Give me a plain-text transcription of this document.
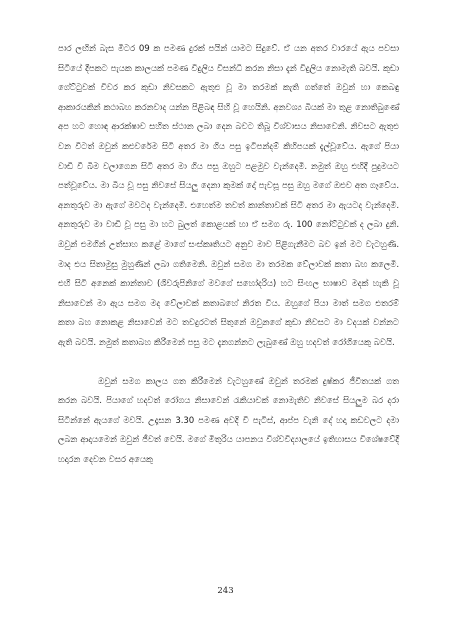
පාර ලඟින් බැස මීටර 09 ක පමණ දුරක් පයින් යාමට සිදුවේ. ඒ යන අතර වාරයේ ඇය පවසා සිටියේ දීපකට පැයක කාලයක් පමණ විදුලිය විසන්ධි කරන නිසා දැන් විදුලිය නොමැති බවයි. කුඩා ගේට්ටුවක් විවර කර කුඩා නිවසකට ඇතුළු වූ මා තරමක් කැති ගත්තේ ඔවුන් හා කෙබඳු ආකාරයකින් කථාබහ කරනවාද යන්න පිළිබඳ සිහි වූ හෙයිනි. අනවශ්‍ය බියක් මා තුළ නොතිබුණේ අප හට හොඳ ආරක්ෂාව සහිත ස්ථාන ලබා දෙන බවට තිබූ විශ්වාසය නිසාවෙනි. නිවසට ඇතුළු වන විටත් ඔවුන් කළුවරේම සිටි අතර මා ගිය පසු ඉටිපන්දම් කිහිපයක් දැල්වූවේය. ඇගේ පියා වාඩි වී බිම වලාගෙන සිටි අතර මා ගිය පසු ඔහුට පළමුව වැන්දෙමි. නමුත් ඔහු එහිදී පුදුමයට පත්වූවේය. මා බිය වූ පසු නිවසේ සියලු දෙනා කුමක් දෝ පැවසූ පසු ඔහු මගේ ඔළුව අත ගෑවේය. අනතුරුව මා ඇගේ මවටද වැන්දෙමි. එහෙත්ම තවත් කාන්තාවක් සිටි අතර මා ඇයටද වැන්දෙමි. අනතුරුව මා වාඩි වූ පසු මා හට බුලත් කොළයක් හා ඒ සමග රු. 100 නෝට්ටුවක් ද ලබා දුනි. ඔවුන් එමගින් උත්සාහ කළේ මාගේ සංස්කෘතියට අනුව මාව පිළිගැනීමට බව ඉන් මට වැටහුණි. මාද එය සිතාමුසු මුහුණින් ලබා ගතිමෙනි. ඔවුන් සමග මා තරමක වේලාවක් කතා බහ කලෙමි. එහි සිටි අනෙක් කාන්තාව (ශිවරුපිනිගේ මවගේ සහෝදරිය) හට සිංහල භාෂාව මදක් හැකි වූ නිසාවෙන් මා ඇය සමග මද වේලාවක් කතාබහේ නිරත විය. ඔහුගේ පියා මාත් සමග එතරම් කතා බහ නොකළ නිසාවෙන් මට තවදුරටත් සිතුනේ ඔවුනගේ කුඩා නිවසට මා වදයක් වන්නට ඇති බවයි. නමුත් කතාබහ කිරීමෙන් පසු මට දැනගන්නට ලැබුණේ ඔහු හදවත් රෝගියෙකු බවයි.

ඔවුන් සමග කාලය ගත කිරීමෙන් වැටහුණේ ඔවුන් තරමක් දුෂ්කර ජීවිතයක් ගත කරන බවයි. පියාගේ හදවත් රෝගය නිසාවෙන් රැකියාවක් නොමැතිව නිවසේ සියලුම බර දරා සිටින්නේ ඇයගේ මවයි. උදෑසන 3.30 පමණ අවදි වී පැටිස්, ආප්ප වැනි දේ හදා කඩවලට දමා ලබන ආදායමෙන් ඔවුන් ජීවත් වෙයි. මගේ මිතුරිය යාපනය විශ්වවිද්‍යාලයේ ඉතිහාසය විශේෂවේදී හදාරන දෙවන වසර අයෙකු

243
